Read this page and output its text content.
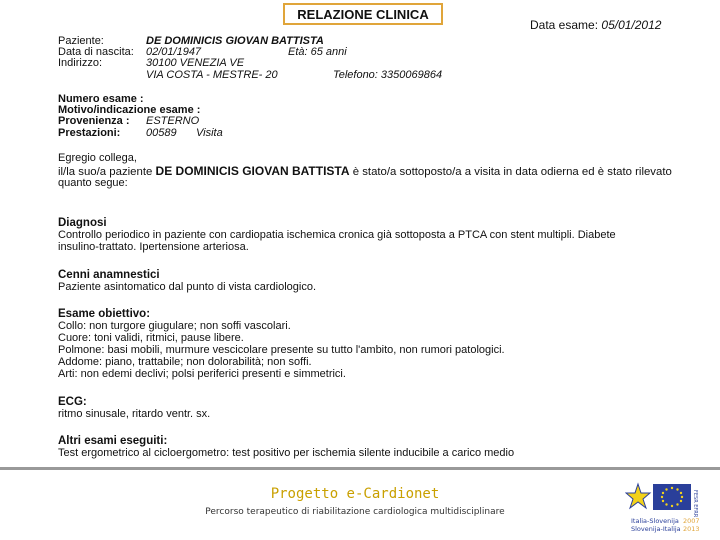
RELAZIONE CLINICA
Data esame: 05/01/2012
Paziente:	DE DOMINICIS GIOVAN BATTISTA
Data di nascita: 02/01/1947	Età: 65 anni
Indirizzo:	30100 VENEZIA VE
VIA COSTA - MESTRE- 20	Telefono: 3350069864
Numero esame :
Motivo/indicazione esame :
Provenienza : ESTERNO
Prestazioni: 00589 Visita
Egregio collega,
il/la suo/a paziente DE DOMINICIS GIOVAN BATTISTA è stato/a sottoposto/a a visita in data odierna ed è stato rilevato
quanto segue:
Diagnosi
Controllo periodico in paziente con cardiopatia ischemica cronica già sottoposta a PTCA con stent multipli. Diabete
insulino-trattato. Ipertensione arteriosa.
Cenni anamnestici
Paziente asintomatico dal punto di vista cardiologico.
Esame obiettivo:
Collo: non turgore giugulare; non soffi vascolari.
Cuore: toni validi, ritmici, pause libere.
Polmone: basi mobili, murmure vescicolare presente su tutto l'ambito, non rumori patologici.
Addome: piano, trattabile; non dolorabilità; non soffi.
Arti: non edemi declivi; polsi periferici presenti e simmetrici.
ECG:
ritmo sinusale, ritardo ventr. sx.
Altri esami eseguiti:
Test ergometrico al cicloergometro: test positivo per ischemia silente inducibile a carico medio
Progetto e-Cardionet
Percorso terapeutico di riabilitazione cardiologica multidisciplinare	FESR EFRR
Italia-Slovenija 2007
Slovenija-Italija 2013
